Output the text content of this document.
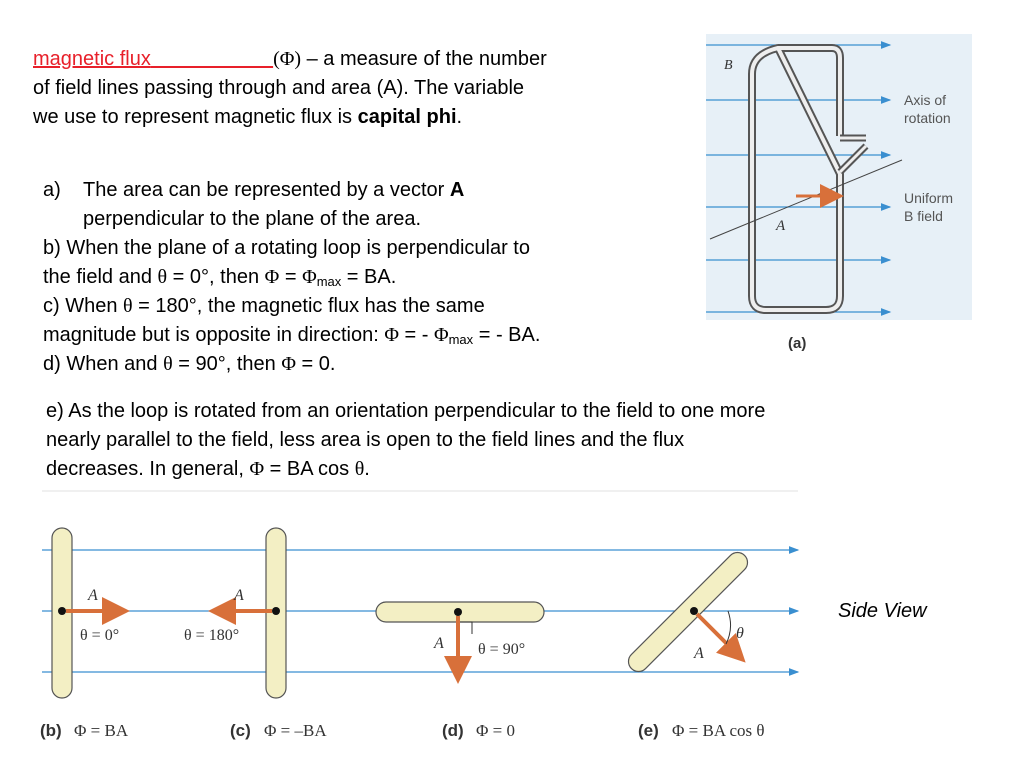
magnetic flux	(Φ) – a measure of the number
of field lines passing through and area (A). The variable
we use to represent magnetic flux is capital phi.
a) The area can be represented by a vector A
perpendicular to the plane of the area.
b) When the plane of a rotating loop is perpendicular to
the field and θ = 0°, then $\Phi = \Phi_{max}$ = BA.
c) When θ = 180°, the magnetic flux has the same
magnitude but is opposite in direction: Φ = - $\Phi_{max}$ = - BA.
d) When and θ = 90°, then Φ = 0.
e) As the loop is rotated from an orientation perpendicular to the field to one more
nearly parallel to the field, less area is open to the field lines and the flux
decreases. In general, Φ = BA cos θ.
Side View
B
Axis of
rotation
Uniform
B field
A
(a)
A
θ = 0°
A
θ = 180°	A θ = 90°
θ
A
(b) Φ = BA	(c) Φ = –BA	(d) Φ = 0	(e) Φ = BA cos θ
